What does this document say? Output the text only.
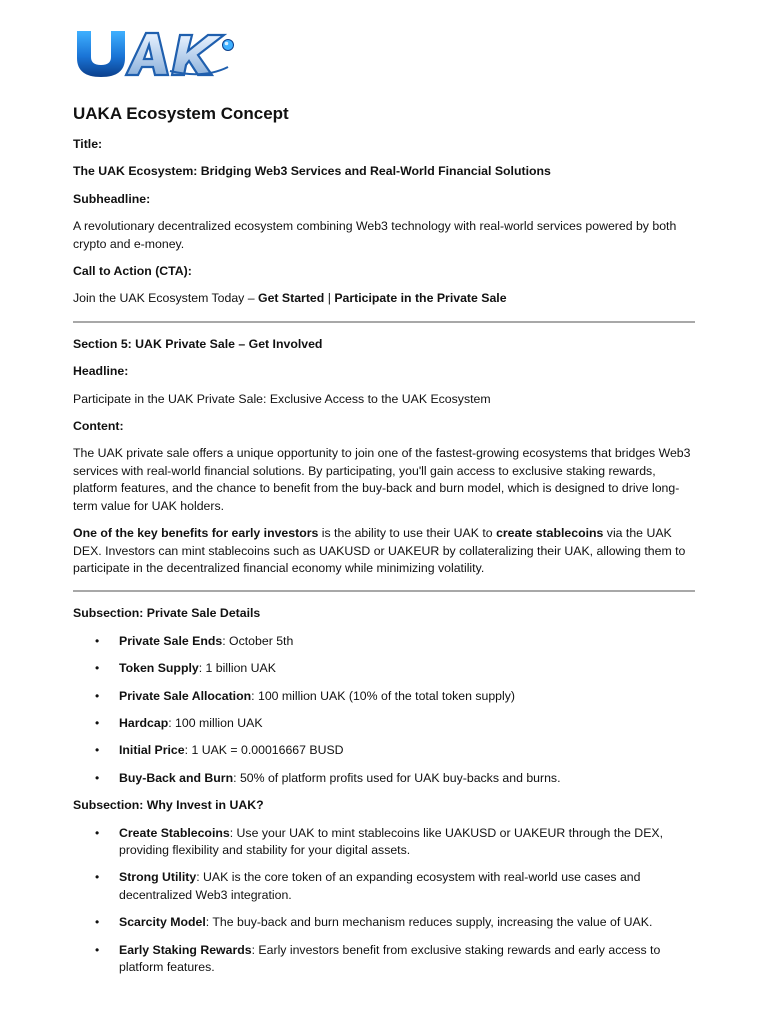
UAKA Ecosystem Concept

Title:

The UAK Ecosystem: Bridging Web3 Services and Real-World Financial Solutions

Subheadline:

A revolutionary decentralized ecosystem combining Web3 technology with real-world services powered by both crypto and e-money.

Call to Action (CTA):

Join the UAK Ecosystem Today – Get Started | Participate in the Private Sale

Section 5: UAK Private Sale – Get Involved

Headline:

Participate in the UAK Private Sale: Exclusive Access to the UAK Ecosystem

Content:

The UAK private sale offers a unique opportunity to join one of the fastest-growing ecosystems that bridges Web3 services with real-world financial solutions. By participating, you'll gain access to exclusive staking rewards, platform features, and the chance to benefit from the buy-back and burn model, which is designed to drive long-term value for UAK holders.

One of the key benefits for early investors is the ability to use their UAK to create stablecoins via the UAK DEX. Investors can mint stablecoins such as UAKUSD or UAKEUR by collateralizing their UAK, allowing them to participate in the decentralized financial economy while minimizing volatility.

Subsection: Private Sale Details

• Private Sale Ends: October 5th
• Token Supply: 1 billion UAK
• Private Sale Allocation: 100 million UAK (10% of the total token supply)
• Hardcap: 100 million UAK
• Initial Price: 1 UAK = 0.00016667 BUSD
• Buy-Back and Burn: 50% of platform profits used for UAK buy-backs and burns.

Subsection: Why Invest in UAK?

• Create Stablecoins: Use your UAK to mint stablecoins like UAKUSD or UAKEUR through the DEX, providing flexibility and stability for your digital assets.
• Strong Utility: UAK is the core token of an expanding ecosystem with real-world use cases and decentralized Web3 integration.
• Scarcity Model: The buy-back and burn mechanism reduces supply, increasing the value of UAK.
• Early Staking Rewards: Early investors benefit from exclusive staking rewards and early access to platform features.
